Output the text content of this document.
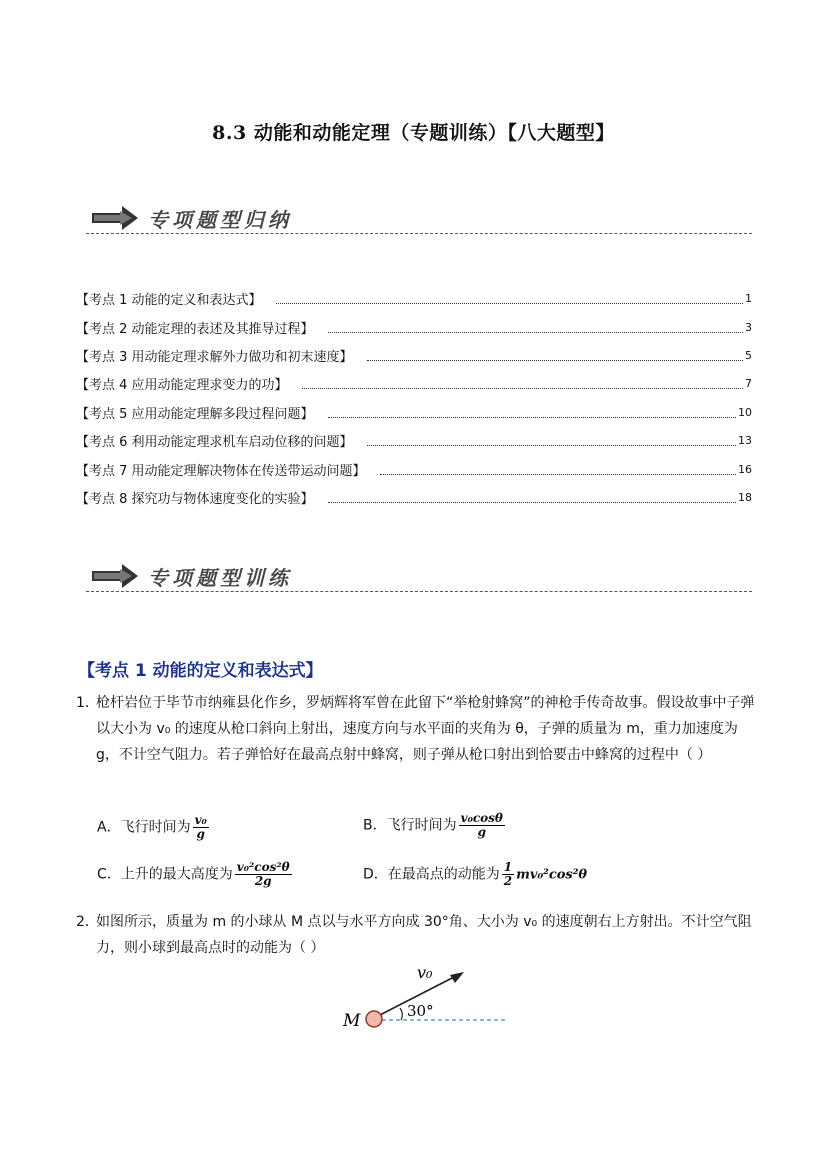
8.3 动能和动能定理（专题训练）【八大题型】
专项题型归纳
【考点 1 动能的定义和表达式】	1
【考点 2 动能定理的表述及其推导过程】	3
【考点 3 用动能定理求解外力做功和初末速度】	5
【考点 4 应用动能定理求变力的功】	7
【考点 5 应用动能定理解多段过程问题】	10
【考点 6 利用动能定理求机车启动位移的问题】	13
【考点 7 用动能定理解决物体在传送带运动问题】	16
【考点 8 探究功与物体速度变化的实验】	18
专项题型训练
【考点 1 动能的定义和表达式】
1．
枪杆岩位于毕节市纳雍县化作乡，罗炳辉将军曾在此留下“举枪射蜂窝”的神枪手传奇故事。假设故事中子弹以大小为 v₀ 的速度从枪口斜向上射出，速度方向与水平面的夹角为 θ，子弹的质量为 m，重力加速度为 g，不计空气阻力。若子弹恰好在最高点射中蜂窝，则子弹从枪口射出到恰要击中蜂窝的过程中（ ）
A．飞行时间为 $\frac{\text{v₀}}{g}$	B．飞行时间为 $\frac{\text{v₀cosθ}}{g}$
C．上升的最大高度为 $\frac{\text{v₀²cos²θ}}{2g}$	D．在最高点的动能为 $\frac{1}{2} mv_0^2\cos^2\theta$
2．
如图所示，质量为 m 的小球从 M 点以与水平方向成 30°角、大小为 v₀ 的速度朝右上方射出。不计空气阻力，则小球到最高点时的动能为（ ）
v₀
30°
M
